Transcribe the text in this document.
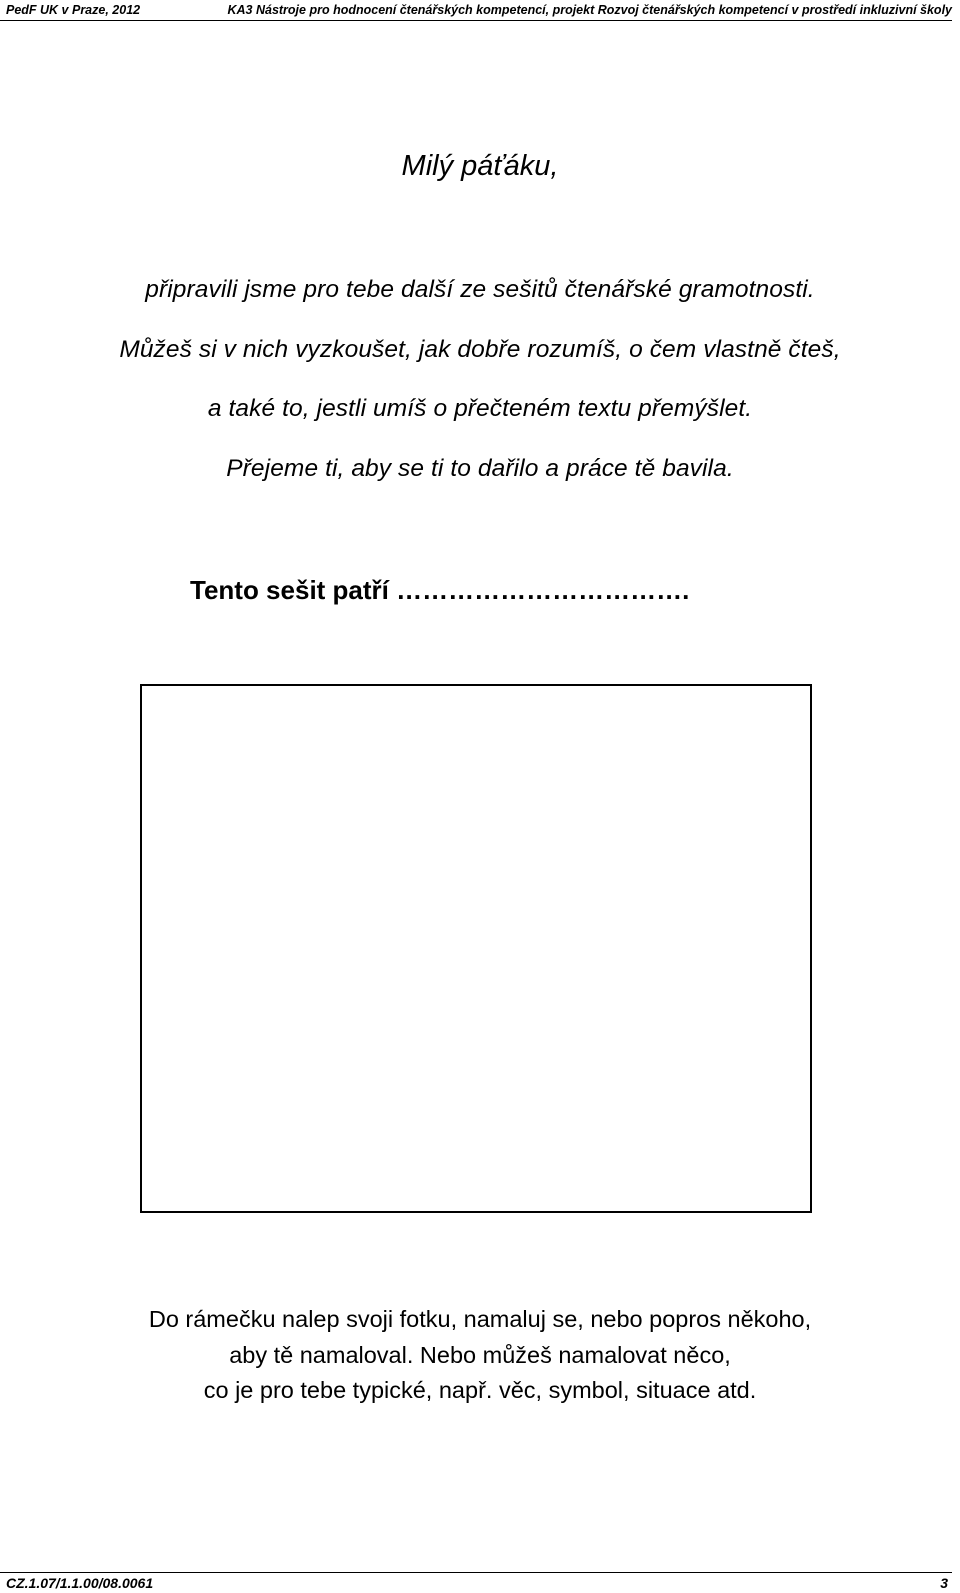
PedF UK v Praze, 2012	KA3 Nástroje pro hodnocení čtenářských kompetencí, projekt Rozvoj čtenářských kompetencí v prostředí inkluzivní školy
Milý páťáku,
připravili jsme pro tebe další ze sešitů čtenářské gramotnosti.
Můžeš si v nich vyzkoušet, jak dobře rozumíš, o čem vlastně čteš,
a také to, jestli umíš o přečteném textu přemýšlet.
Přejeme ti, aby se ti to dařilo a práce tě bavila.
Tento sešit patří …………………………….
Do rámečku nalep svoji fotku, namaluj se, nebo popros někoho,
aby tě namaloval. Nebo můžeš namalovat něco,
co je pro tebe typické, např. věc, symbol, situace atd.
CZ.1.07/1.1.00/08.0061	3
